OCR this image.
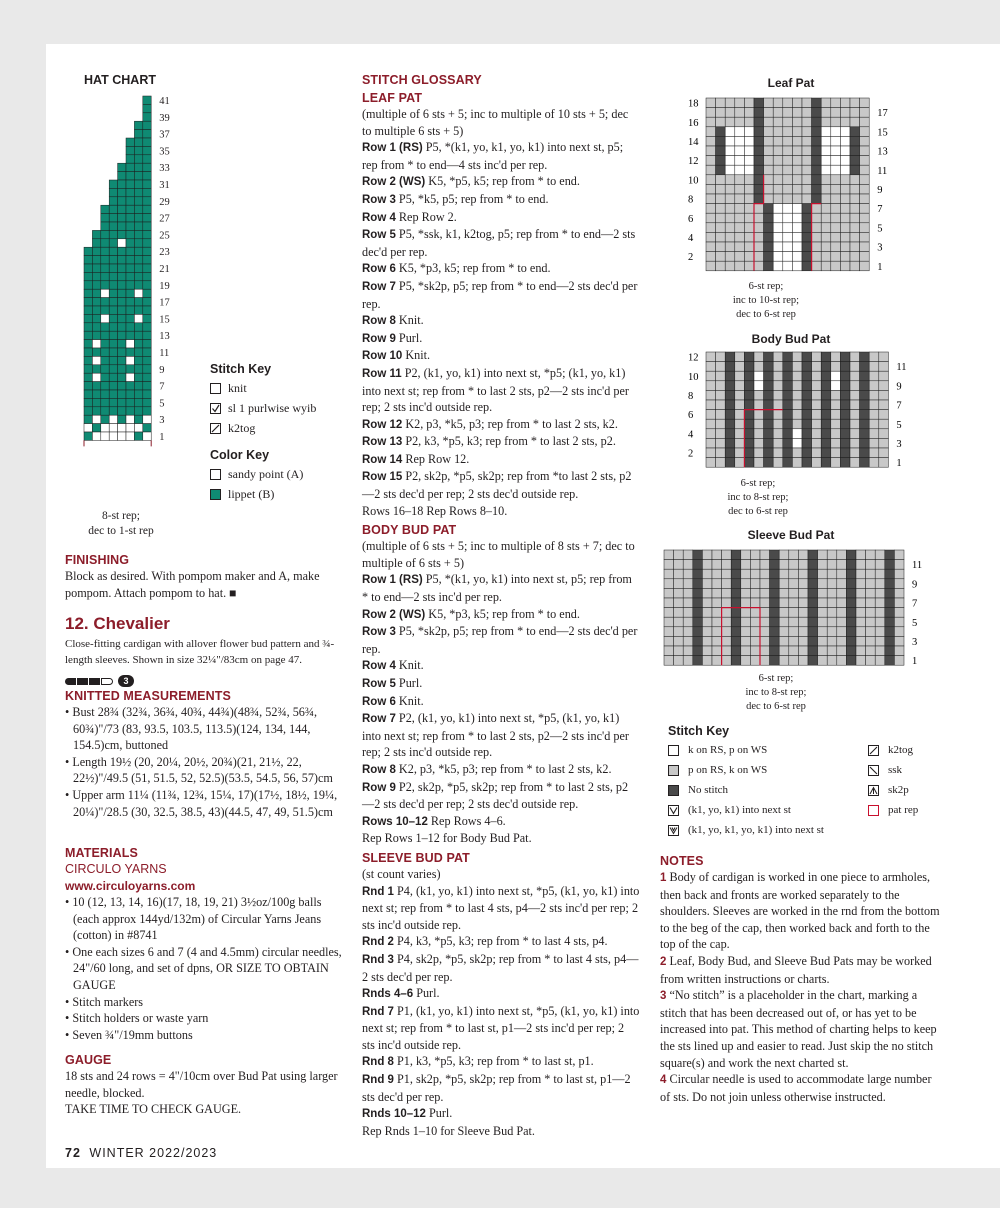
HAT CHART
41
39
37
35
33
31
29
27
25
23
21
19
17
15
13
11
9
7
5
3
1
8-st rep;
dec to 1-st rep
Stitch Key
knit
sl 1 purlwise wyib
k2tog
Color Key
sandy point (A)
lippet (B)
FINISHING

Block as desired. With pompom maker and A, make pompom. Attach pompom to hat. ■

12. Chevalier
Close-fitting cardigan with allover flower bud pattern and ¾-length sleeves. Shown in size 32¼"/83cm on page 47.
3
KNITTED MEASUREMENTS
• Bust 28¾ (32¾, 36¾, 40¾, 44¾)(48¾, 52¾, 56¾, 60¾)"/73 (83, 93.5, 103.5, 113.5)(124, 134, 144, 154.5)cm, buttoned
• Length 19½ (20, 20¼, 20½, 20¾)(21, 21½, 22, 22½)"/49.5 (51, 51.5, 52, 52.5)(53.5, 54.5, 56, 57)cm
• Upper arm 11¼ (11¾, 12¾, 15¼, 17)(17½, 18½, 19¼, 20¼)"/28.5 (30, 32.5, 38.5, 43)(44.5, 47, 49, 51.5)cm
MATERIALS
CIRCULO YARNS
www.circuloyarns.com
• 10 (12, 13, 14, 16)(17, 18, 19, 21) 3½oz/100g balls (each approx 144yd/132m) of Circular Yarns Jeans (cotton) in #8741
• One each sizes 6 and 7 (4 and 4.5mm) circular needles, 24"/60 long, and set of dpns, OR SIZE TO OBTAIN GAUGE
• Stitch markers
• Stitch holders or waste yarn
• Seven ¾"/19mm buttons
GAUGE

18 sts and 24 rows = 4"/10cm over Bud Pat using larger needle, blocked.

TAKE TIME TO CHECK GAUGE.

STITCH GLOSSARY
LEAF PAT

(multiple of 6 sts + 5; inc to multiple of 10 sts + 5; dec to multiple 6 sts + 5)

Row 1 (RS) P5, *(k1, yo, k1, yo, k1) into next st, p5; rep from * to end—4 sts inc'd per rep.

Row 2 (WS) K5, *p5, k5; rep from * to end.

Row 3 P5, *k5, p5; rep from * to end.

Row 4 Rep Row 2.

Row 5 P5, *ssk, k1, k2tog, p5; rep from * to end—2 sts dec'd per rep.

Row 6 K5, *p3, k5; rep from * to end.

Row 7 P5, *sk2p, p5; rep from * to end—2 sts dec'd per rep.

Row 8 Knit.

Row 9 Purl.

Row 10 Knit.

Row 11 P2, (k1, yo, k1) into next st, *p5; (k1, yo, k1) into next st; rep from * to last 2 sts, p2—2 sts inc'd per rep; 2 sts inc'd outside rep.

Row 12 K2, p3, *k5, p3; rep from * to last 2 sts, k2.

Row 13 P2, k3, *p5, k3; rep from * to last 2 sts, p2.

Row 14 Rep Row 12.

Row 15 P2, sk2p, *p5, sk2p; rep from *to last 2 sts, p2—2 sts dec'd per rep; 2 sts dec'd outside rep.

Rows 16–18 Rep Rows 8–10.

BODY BUD PAT

(multiple of 6 sts + 5; inc to multiple of 8 sts + 7; dec to multiple of 6 sts + 5)

Row 1 (RS) P5, *(k1, yo, k1) into next st, p5; rep from * to end—2 sts inc'd per rep.

Row 2 (WS) K5, *p3, k5; rep from * to end.

Row 3 P5, *sk2p, p5; rep from * to end—2 sts dec'd per rep.

Row 4 Knit.

Row 5 Purl.

Row 6 Knit.

Row 7 P2, (k1, yo, k1) into next st, *p5, (k1, yo, k1) into next st; rep from * to last 2 sts, p2—2 sts inc'd per rep; 2 sts inc'd outside rep.

Row 8 K2, p3, *k5, p3; rep from * to last 2 sts, k2.

Row 9 P2, sk2p, *p5, sk2p; rep from * to last 2 sts, p2—2 sts dec'd per rep; 2 sts dec'd outside rep.

Rows 10–12 Rep Rows 4–6.

Rep Rows 1–12 for Body Bud Pat.

SLEEVE BUD PAT

(st count varies)

Rnd 1 P4, (k1, yo, k1) into next st, *p5, (k1, yo, k1) into next st; rep from * to last 4 sts, p4—2 sts inc'd per rep; 2 sts inc'd outside rep.

Rnd 2 P4, k3, *p5, k3; rep from * to last 4 sts, p4.

Rnd 3 P4, sk2p, *p5, sk2p; rep from * to last 4 sts, p4—2 sts dec'd per rep.

Rnds 4–6 Purl.

Rnd 7 P1, (k1, yo, k1) into next st, *p5, (k1, yo, k1) into next st; rep from * to last st, p1—2 sts inc'd per rep; 2 sts inc'd outside rep.

Rnd 8 P1, k3, *p5, k3; rep from * to last st, p1.

Rnd 9 P1, sk2p, *p5, sk2p; rep from * to last st, p1—2 sts dec'd per rep.

Rnds 10–12 Purl.

Rep Rnds 1–10 for Sleeve Bud Pat.

Leaf Pat
18
16
14
12
10
8
6
4
2
17
15
13
11
9
7
5
3
1
6-st rep;
inc to 10-st rep;
dec to 6-st rep
Body Bud Pat
12
10
8
6
4
2
11
9
7
5
3
1
6-st rep;
inc to 8-st rep;
dec to 6-st rep
Sleeve Bud Pat
11
9
7
5
3
1
6-st rep;
inc to 8-st rep;
dec to 6-st rep
Stitch Key
k on RS, p on WS
p on RS, k on WS
No stitch
(k1, yo, k1) into next st
(k1, yo, k1, yo, k1) into next st
k2tog
ssk
sk2p
pat rep
NOTES

1 Body of cardigan is worked in one piece to armholes, then back and fronts are worked separately to the shoulders. Sleeves are worked in the rnd from the bottom to the beg of the cap, then worked back and forth to the top of the cap.

2 Leaf, Body Bud, and Sleeve Bud Pats may be worked from written instructions or charts.

3 “No stitch” is a placeholder in the chart, marking a stitch that has been decreased out of, or has yet to be increased into pat. This method of charting helps to keep the sts lined up and easier to read. Just skip the no stitch square(s) and work the next charted st.

4 Circular needle is used to accommodate large number of sts. Do not join unless otherwise instructed.

72 WINTER 2022/2023
